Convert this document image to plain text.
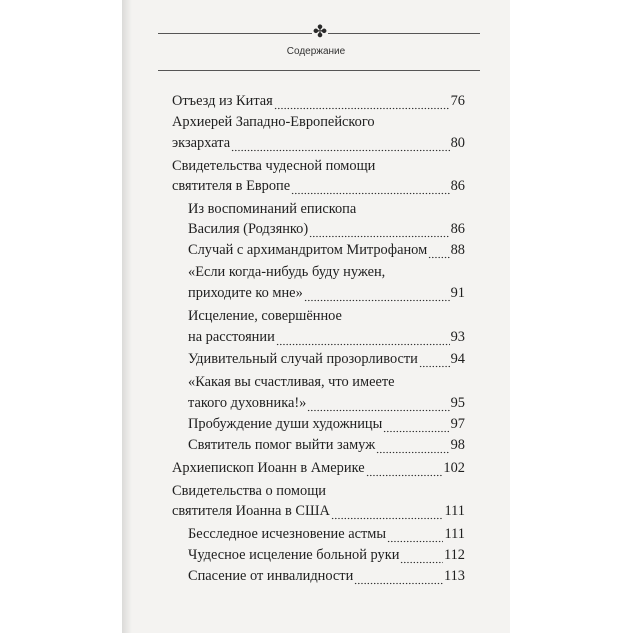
✤
Содержание
Отъезд из Китая	76
Архиерей Западно-Европейского
экзархата	80
Свидетельства чудесной помощи
святителя в Европе	86
Из воспоминаний епископа
Василия (Родзянко)	86
Случай с архимандритом Митрофаном 88
«Если когда-нибудь буду нужен,
приходите ко мне»	91
Исцеление, совершённое
на расстоянии	93
Удивительный случай прозорливости 94
«Какая вы счастливая, что имеете
такого духовника!»	95
Пробуждение души художницы	97
Святитель помог выйти замуж	98
Архиепископ Иоанн в Америке	102
Свидетельства о помощи
святителя Иоанна в США	111
Бесследное исчезновение астмы	111
Чудесное исцеление больной руки	112
Спасение от инвалидности	113
